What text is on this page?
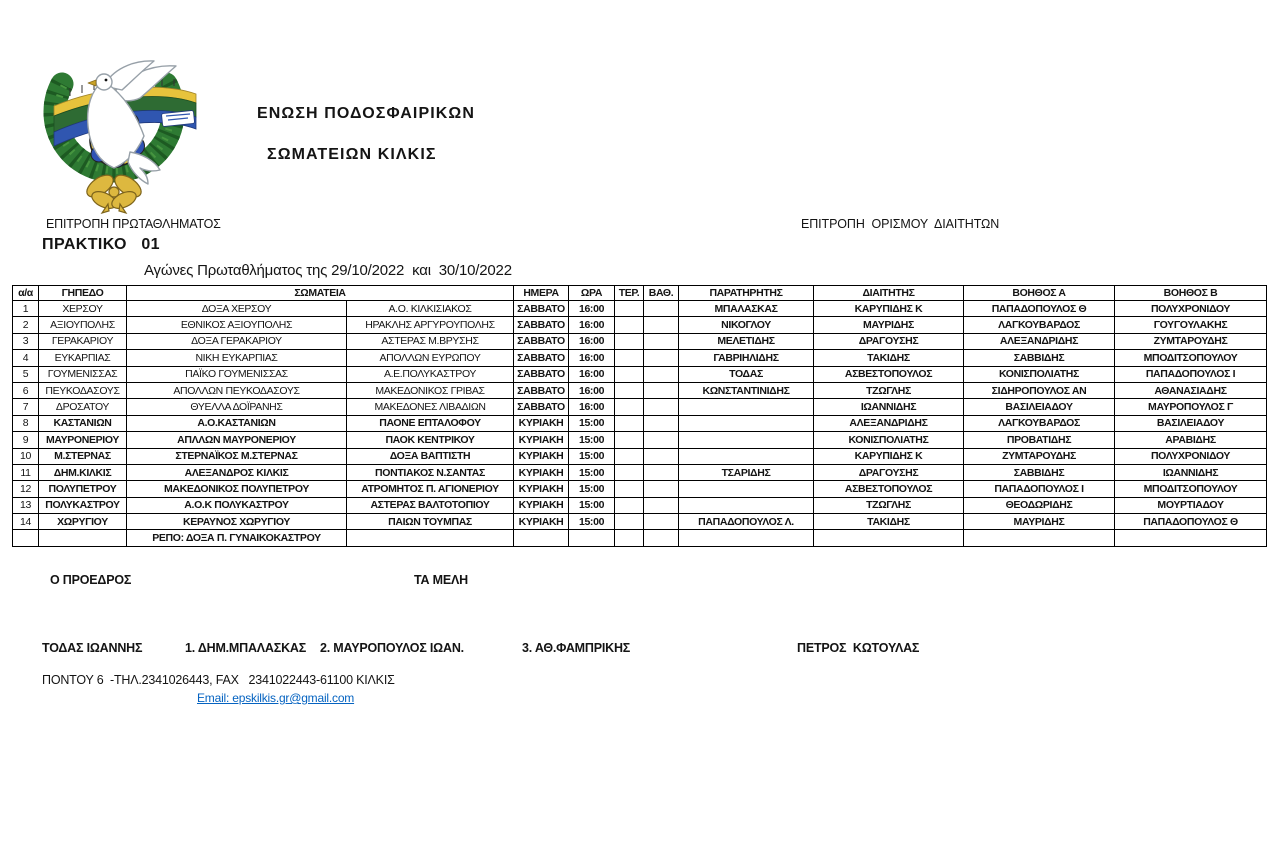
ΕΝΩΣΗ ΠΟΔΟΣΦΑΙΡΙΚΩΝ
ΣΩΜΑΤΕΙΩΝ ΚΙΛΚΙΣ
ΕΠΙΤΡΟΠΗ ΠΡΩΤΑΘΛΗΜΑΤΟΣ	ΕΠΙΤΡΟΠΗ  ΟΡΙΣΜΟΥ  ΔΙΑΙΤΗΤΩΝ
ΠΡΑΚΤΙΚΟ   01
Αγώνες Πρωταθλήματος της 29/10/2022  και  30/10/2022
α/α	ΓΗΠΕΔΟ	ΣΩΜΑΤΕΙΑ		ΗΜΕΡΑ	ΩΡΑ	ΤΕΡ.	ΒΑΘ.	ΠΑΡΑΤΗΡΗΤΗΣ	ΔΙΑΙΤΗΤΗΣ	ΒΟΗΘΟΣ Α	ΒΟΗΘΟΣ Β
1	ΧΕΡΣΟΥ	ΔΟΞΑ ΧΕΡΣΟΥ	Α.Ο. ΚΙΛΚΙΣΙΑΚΟΣ	ΣΑΒΒΑΤΟ	16:00			ΜΠΑΛΑΣΚΑΣ	ΚΑΡΥΠΙΔΗΣ Κ	ΠΑΠΑΔΟΠΟΥΛΟΣ Θ	ΠΟΛΥΧΡΟΝΙΔΟΥ
2	ΑΞΙΟΥΠΟΛΗΣ	ΕΘΝΙΚΟΣ ΑΞΙΟΥΠΟΛΗΣ	ΗΡΑΚΛΗΣ ΑΡΓΥΡΟΥΠΟΛΗΣ	ΣΑΒΒΑΤΟ	16:00			ΝΙΚΟΓΛΟΥ	ΜΑΥΡΙΔΗΣ	ΛΑΓΚΟΥΒΑΡΔΟΣ	ΓΟΥΓΟΥΛΑΚΗΣ
3	ΓΕΡΑΚΑΡΙΟΥ	ΔΟΞΑ ΓΕΡΑΚΑΡΙΟΥ	ΑΣΤΕΡΑΣ Μ.ΒΡΥΣΗΣ	ΣΑΒΒΑΤΟ	16:00			ΜΕΛΕΤΙΔΗΣ	ΔΡΑΓΟΥΣΗΣ	ΑΛΕΞΑΝΔΡΙΔΗΣ	ΖΥΜΤΑΡΟΥΔΗΣ
4	ΕΥΚΑΡΠΙΑΣ	ΝΙΚΗ ΕΥΚΑΡΠΙΑΣ	ΑΠΟΛΛΩΝ ΕΥΡΩΠΟΥ	ΣΑΒΒΑΤΟ	16:00			ΓΑΒΡΙΗΛΙΔΗΣ	ΤΑΚΙΔΗΣ	ΣΑΒΒΙΔΗΣ	ΜΠΟΔΙΤΣΟΠΟΥΛΟΥ
5	ΓΟΥΜΕΝΙΣΣΑΣ	ΠΑΪΚΟ ΓΟΥΜΕΝΙΣΣΑΣ	Α.Ε.ΠΟΛΥΚΑΣΤΡΟΥ	ΣΑΒΒΑΤΟ	16:00			ΤΟΔΑΣ	ΑΣΒΕΣΤΟΠΟΥΛΟΣ	ΚΟΝΙΣΠΟΛΙΑΤΗΣ	ΠΑΠΑΔΟΠΟΥΛΟΣ Ι
6	ΠΕΥΚΟΔΑΣΟΥΣ	ΑΠΟΛΛΩΝ ΠΕΥΚΟΔΑΣΟΥΣ	ΜΑΚΕΔΟΝΙΚΟΣ ΓΡΙΒΑΣ	ΣΑΒΒΑΤΟ	16:00			ΚΩΝΣΤΑΝΤΙΝΙΔΗΣ	ΤΖΩΓΛΗΣ	ΣΙΔΗΡΟΠΟΥΛΟΣ ΑΝ	ΑΘΑΝΑΣΙΑΔΗΣ
7	ΔΡΟΣΑΤΟΥ	ΘΥΕΛΛΑ ΔΟΪΡΑΝΗΣ	ΜΑΚΕΔΟΝΕΣ ΛΙΒΑΔΙΩΝ	ΣΑΒΒΑΤΟ	16:00				ΙΩΑΝΝΙΔΗΣ	ΒΑΣΙΛΕΙΑΔΟΥ	ΜΑΥΡΟΠΟΥΛΟΣ Γ
8	ΚΑΣΤΑΝΙΩΝ	Α.Ο.ΚΑΣΤΑΝΙΩΝ	ΠΑΟΝΕ ΕΠΤΑΛΟΦΟΥ	ΚΥΡΙΑΚΗ	15:00				ΑΛΕΞΑΝΔΡΙΔΗΣ	ΛΑΓΚΟΥΒΑΡΔΟΣ	ΒΑΣΙΛΕΙΑΔΟΥ
9	ΜΑΥΡΟΝΕΡΙΟΥ	ΑΠΛΛΩΝ ΜΑΥΡΟΝΕΡΙΟΥ	ΠΑΟΚ ΚΕΝΤΡΙΚΟΥ	ΚΥΡΙΑΚΗ	15:00				ΚΟΝΙΣΠΟΛΙΑΤΗΣ	ΠΡΟΒΑΤΙΔΗΣ	ΑΡΑΒΙΔΗΣ
10	Μ.ΣΤΕΡΝΑΣ	ΣΤΕΡΝΑΪΚΟΣ Μ.ΣΤΕΡΝΑΣ	ΔΟΞΑ ΒΑΠΤΙΣΤΗ	ΚΥΡΙΑΚΗ	15:00				ΚΑΡΥΠΙΔΗΣ Κ	ΖΥΜΤΑΡΟΥΔΗΣ	ΠΟΛΥΧΡΟΝΙΔΟΥ
11	ΔΗΜ.ΚΙΛΚΙΣ	ΑΛΕΞΑΝΔΡΟΣ ΚΙΛΚΙΣ	ΠΟΝΤΙΑΚΟΣ Ν.ΣΑΝΤΑΣ	ΚΥΡΙΑΚΗ	15:00			ΤΣΑΡΙΔΗΣ	ΔΡΑΓΟΥΣΗΣ	ΣΑΒΒΙΔΗΣ	ΙΩΑΝΝΙΔΗΣ
12	ΠΟΛΥΠΕΤΡΟΥ	ΜΑΚΕΔΟΝΙΚΟΣ ΠΟΛΥΠΕΤΡΟΥ	ΑΤΡΟΜΗΤΟΣ Π. ΑΓΙΟΝΕΡΙΟΥ	ΚΥΡΙΑΚΗ	15:00				ΑΣΒΕΣΤΟΠΟΥΛΟΣ	ΠΑΠΑΔΟΠΟΥΛΟΣ Ι	ΜΠΟΔΙΤΣΟΠΟΥΛΟΥ
13	ΠΟΛΥΚΑΣΤΡΟΥ	Α.Ο.Κ ΠΟΛΥΚΑΣΤΡΟΥ	ΑΣΤΕΡΑΣ ΒΑΛΤΟΤΟΠΙΟΥ	ΚΥΡΙΑΚΗ	15:00				ΤΖΩΓΛΗΣ	ΘΕΟΔΩΡΙΔΗΣ	ΜΟΥΡΤΙΑΔΟΥ
14	ΧΩΡΥΓΙΟΥ	ΚΕΡΑΥΝΟΣ ΧΩΡΥΓΙΟΥ	ΠΑΙΩΝ ΤΟΥΜΠΑΣ	ΚΥΡΙΑΚΗ	15:00			ΠΑΠΑΔΟΠΟΥΛΟΣ Λ.	ΤΑΚΙΔΗΣ	ΜΑΥΡΙΔΗΣ	ΠΑΠΑΔΟΠΟΥΛΟΣ Θ
		ΡΕΠΟ: ΔΟΞΑ Π. ΓΥΝΑΙΚΟΚΑΣΤΡΟΥ									
Ο ΠΡΟΕΔΡΟΣ	ΤΑ ΜΕΛΗ
ΤΟΔΑΣ ΙΩΑΝΝΗΣ	1. ΔΗΜ.ΜΠΑΛΑΣΚΑΣ 2. ΜΑΥΡΟΠΟΥΛΟΣ ΙΩΑΝ.	3. ΑΘ.ΦΑΜΠΡΙΚΗΣ	ΠΕΤΡΟΣ  ΚΩΤΟΥΛΑΣ
ΠΟΝΤΟΥ 6  -ΤΗΛ.2341026443, FAX   2341022443-61100 ΚΙΛΚΙΣ
Email: epskilkis.gr@gmail.com
